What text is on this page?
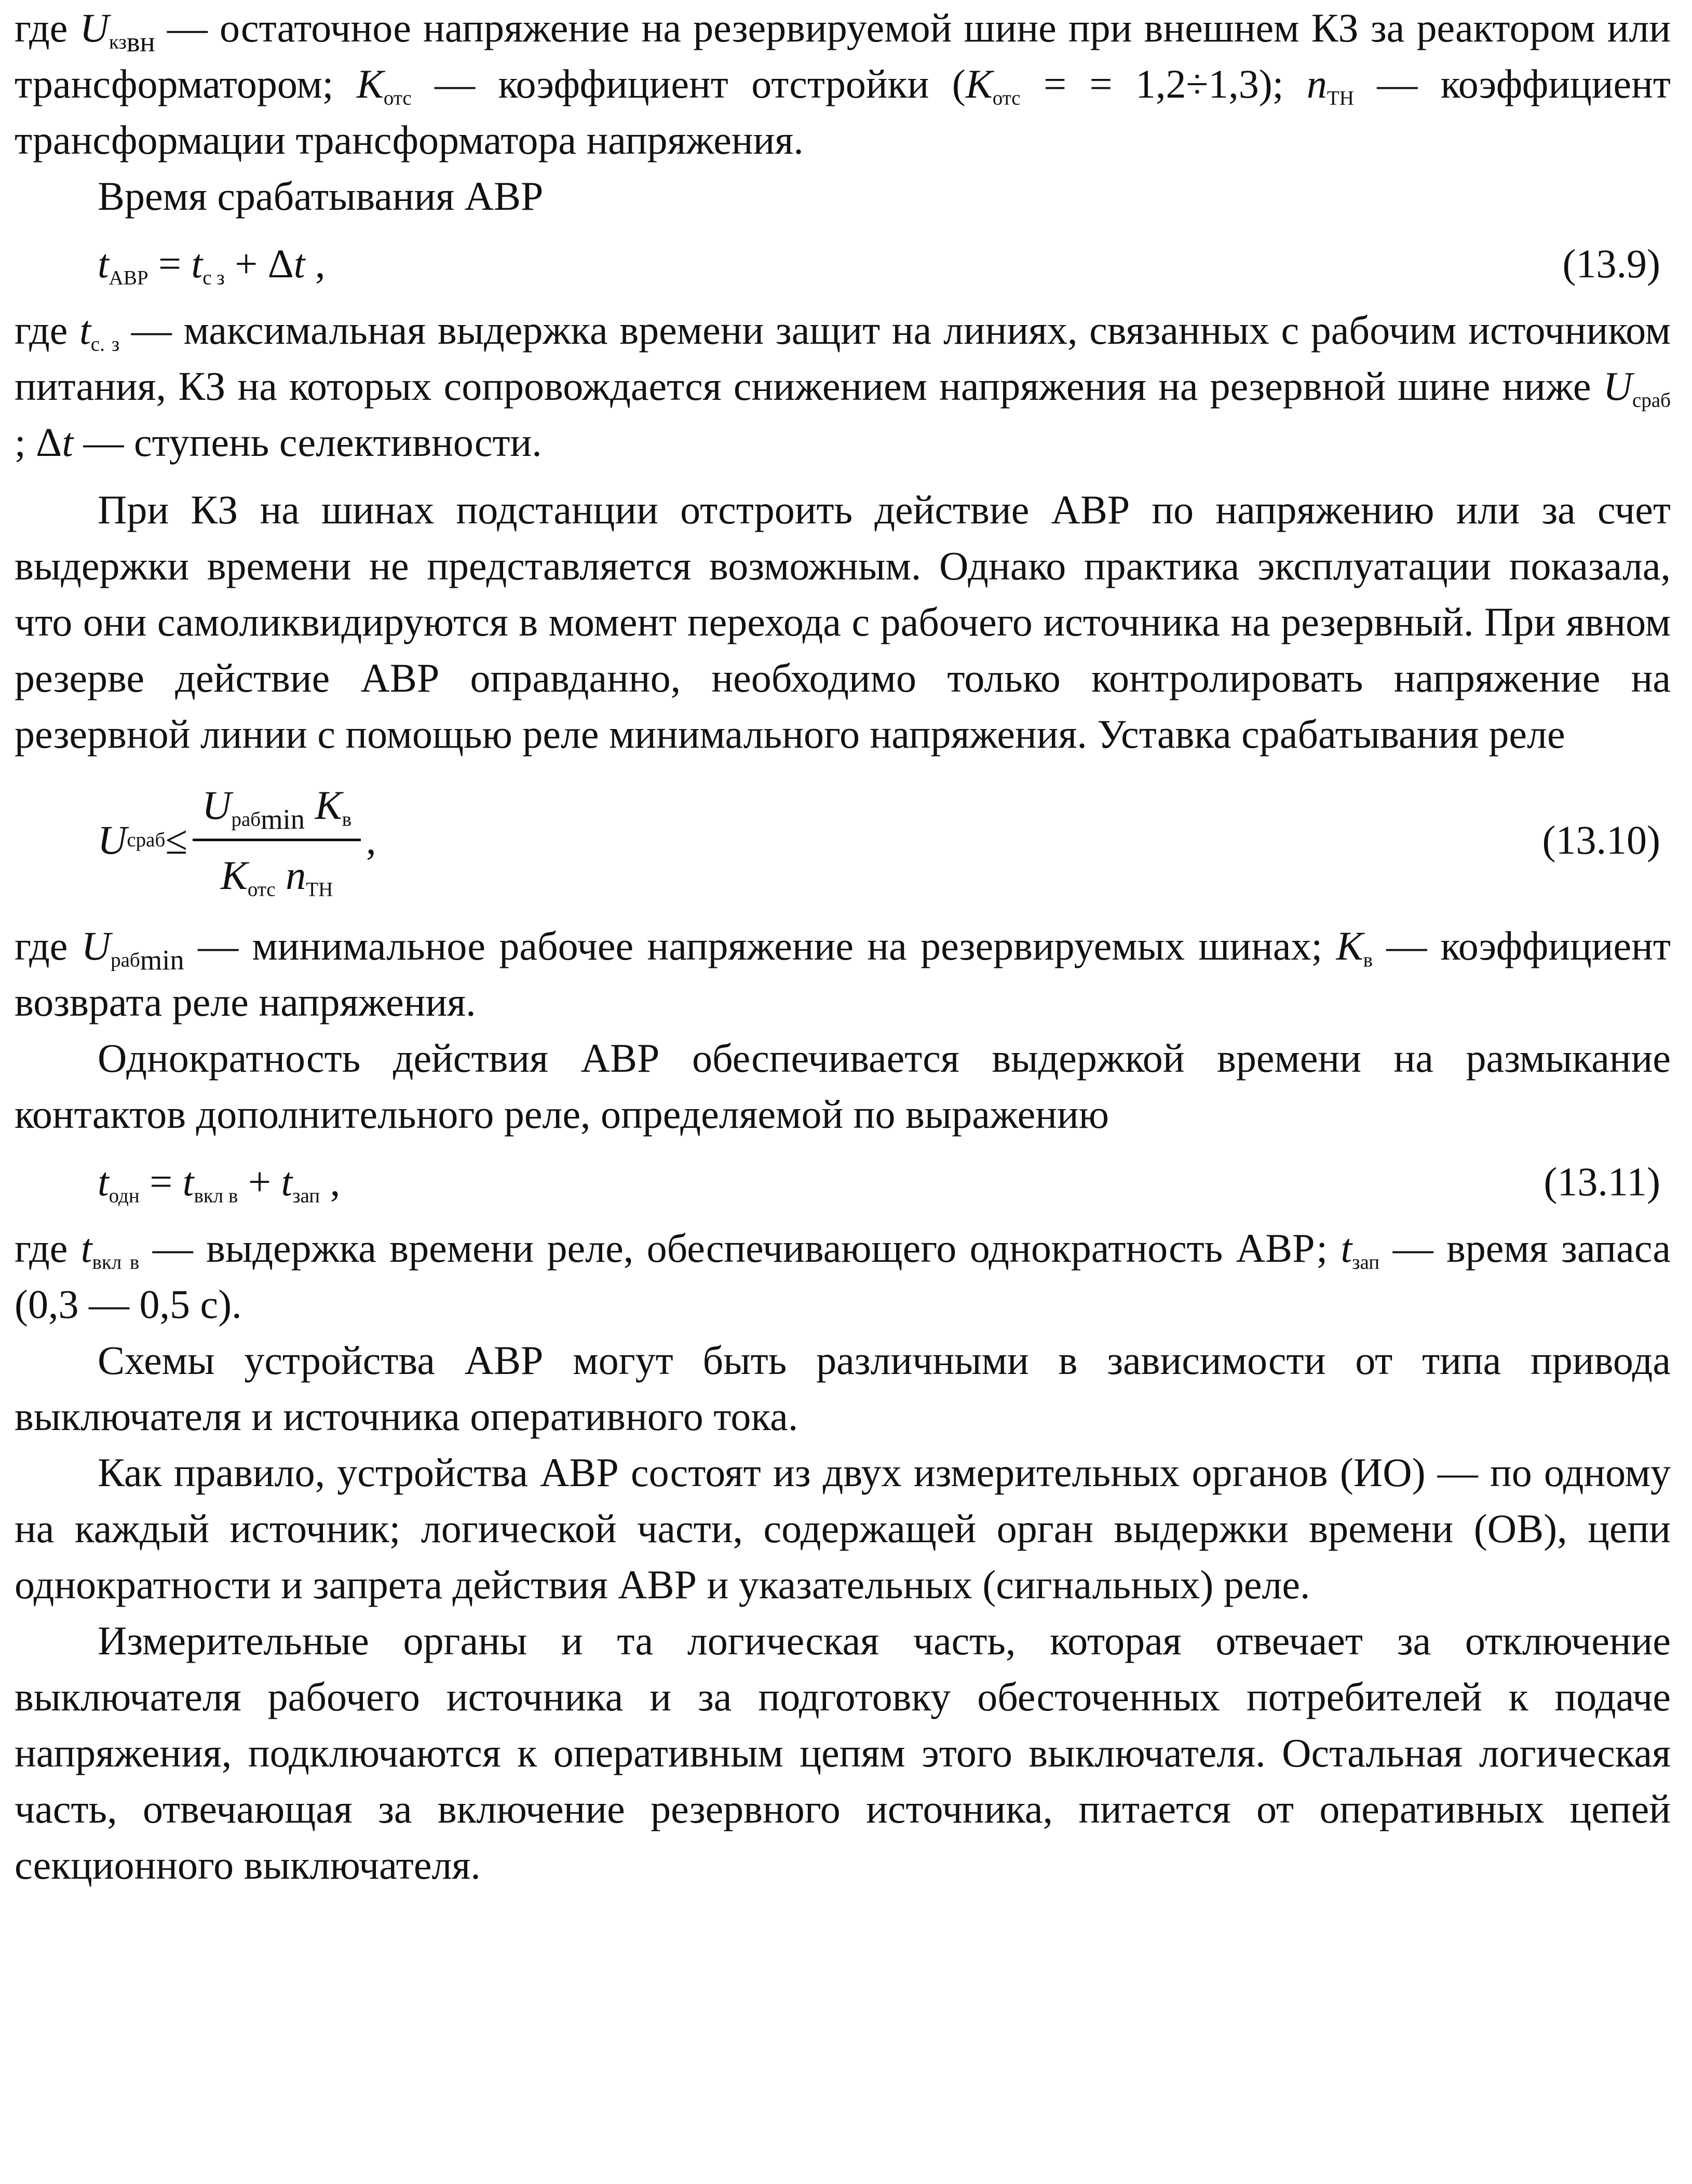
где $U_{кзвн}$ — остаточное напряжение на резервируемой шине при внешнем КЗ за реактором или трансформатором; $K_{отс}$ — коэффициент отстройки ($K_{отс}$ = = 1,2÷1,3); $n_{ТН}$ — коэффициент трансформации трансформатора напряжения.

Время срабатывания АВР

$t_{АВР} = t_{с з} + \Delta t$ ,	(13.9)

где $t_{с. з}$ — максимальная выдержка времени защит на линиях, связанных с рабочим источником питания, КЗ на которых сопровождается снижением напряжения на резервной шине ниже $U_{сраб}$ ; Δt — ступень селективности.

При КЗ на шинах подстанции отстроить действие АВР по напряжению или за счет выдержки времени не представляется возможным. Однако практика эксплуатации показала, что они самоликвидируются в момент перехода с рабочего источника на резервный. При явном резерве действие АВР оправданно, необходимо только контролировать напряжение на резервной линии с помощью реле минимального напряжения. Уставка срабатывания реле

U сраб ≤ $\frac{U_{рабmin} K_в}{K_{отс} n_{ТН}}$ ,	(13.10)

где $U_{рабmin}$ — минимальное рабочее напряжение на резервируемых шинах; $K_в$ — коэффициент возврата реле напряжения.

Однократность действия АВР обеспечивается выдержкой времени на размыкание контактов дополнительного реле, определяемой по выражению

$t_{одн} = t_{вкл в} + t_{зап}$ ,	(13.11)

где $t_{вкл в}$ — выдержка времени реле, обеспечивающего однократность АВР; $t_{зап}$ — время запаса (0,3 — 0,5 с).

Схемы устройства АВР могут быть различными в зависимости от типа привода выключателя и источника оперативного тока.

Как правило, устройства АВР состоят из двух измерительных органов (ИО) — по одному на каждый источник; логической части, содержащей орган выдержки времени (ОВ), цепи однократности и запрета действия АВР и указательных (сигнальных) реле.

Измерительные органы и та логическая часть, которая отвечает за отключение выключателя рабочего источника и за подготовку обесточенных потребителей к подаче напряжения, подключаются к оперативным цепям этого выключателя. Остальная логическая часть, отвечающая за включение резервного источника, питается от оперативных цепей секционного выключателя.
